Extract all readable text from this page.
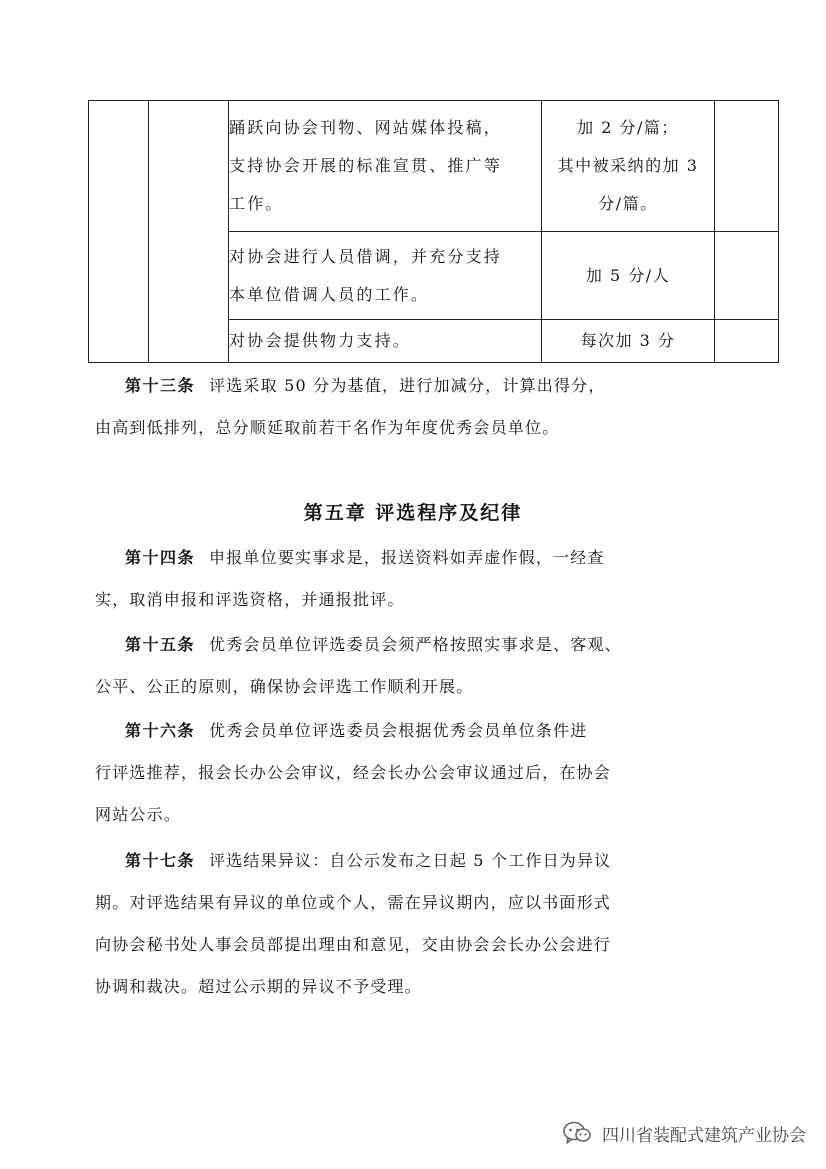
		踊跃向协会刊物、网站媒体投稿，
支持协会开展的标准宣贯、推广等
工作。	加 2 分/篇；
其中被采纳的加 3
分/篇。	
		对协会进行人员借调，并充分支持
本单位借调人员的工作。	加 5 分/人	
		对协会提供物力支持。	每次加 3 分	
第十三条 评选采取 50 分为基值，进行加减分，计算出得分，
由高到低排列，总分顺延取前若干名作为年度优秀会员单位。
第五章 评选程序及纪律
第十四条 申报单位要实事求是，报送资料如弄虚作假，一经查
实，取消申报和评选资格，并通报批评。
第十五条 优秀会员单位评选委员会须严格按照实事求是、客观、
公平、公正的原则，确保协会评选工作顺利开展。
第十六条 优秀会员单位评选委员会根据优秀会员单位条件进
行评选推荐，报会长办公会审议，经会长办公会审议通过后，在协会
网站公示。
第十七条 评选结果异议：自公示发布之日起 5 个工作日为异议
期。对评选结果有异议的单位或个人，需在异议期内，应以书面形式
向协会秘书处人事会员部提出理由和意见，交由协会会长办公会进行
协调和裁决。超过公示期的异议不予受理。
四川省装配式建筑产业协会
